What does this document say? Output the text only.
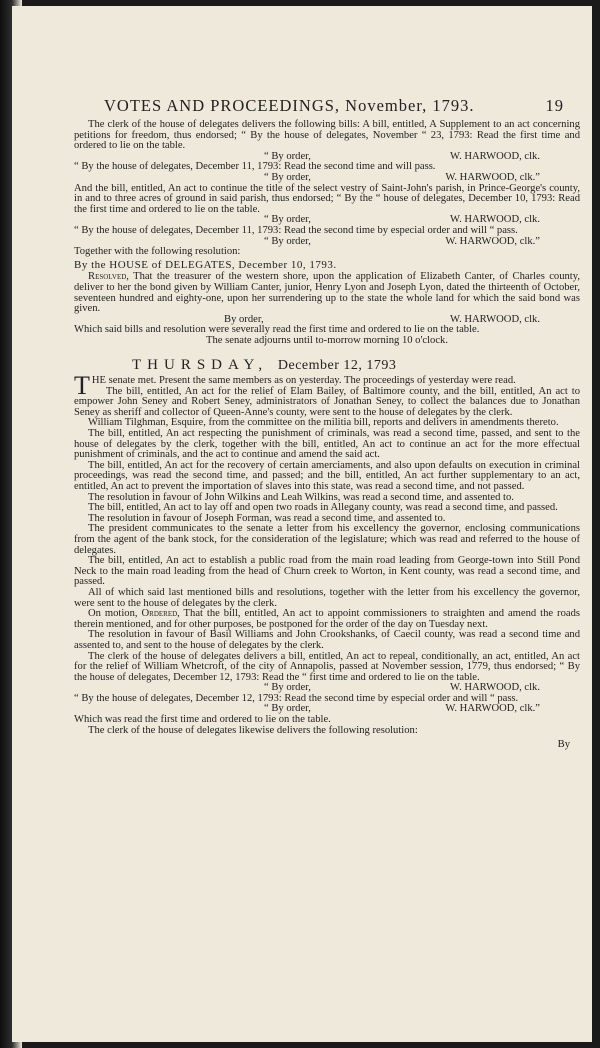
VOTES AND PROCEEDINGS, November, 1793.	19

The clerk of the house of delegates delivers the following bills: A bill, entitled, A Supplement to an act concerning petitions for freedom, thus endorsed; “ By the house of delegates, November “ 23, 1793: Read the first time and ordered to lie on the table.

“ By order,	W. HARWOOD, clk.

“ By the house of delegates, December 11, 1793: Read the second time and will pass.

“ By order,	W. HARWOOD, clk.”

And the bill, entitled, An act to continue the title of the select vestry of Saint-John's parish, in Prince-George's county, in and to three acres of ground in said parish, thus endorsed; “ By the “ house of delegates, December 10, 1793: Read the first time and ordered to lie on the table.

“ By order,	W. HARWOOD, clk.

“ By the house of delegates, December 11, 1793: Read the second time by especial order and will “ pass.

“ By order,	W. HARWOOD, clk.”

Together with the following resolution:

By the HOUSE of DELEGATES, December 10, 1793.

Resolved, That the treasurer of the western shore, upon the application of Elizabeth Canter, of Charles county, deliver to her the bond given by William Canter, junior, Henry Lyon and Joseph Lyon, dated the thirteenth of October, seventeen hundred and eighty-one, upon her surrendering up to the state the whole land for which the said bond was given.

By order,	W. HARWOOD, clk.

Which said bills and resolution were severally read the first time and ordered to lie on the table.

The senate adjourns until to-morrow morning 10 o'clock.

THURSDAY, December 12, 1793

THE senate met. Present the same members as on yesterday. The proceedings of yesterday were read.

The bill, entitled, An act for the relief of Elam Bailey, of Baltimore county, and the bill, entitled, An act to empower John Seney and Robert Seney, administrators of Jonathan Seney, to collect the balances due to Jonathan Seney as sheriff and collector of Queen-Anne's county, were sent to the house of delegates by the clerk.

William Tilghman, Esquire, from the committee on the militia bill, reports and delivers in amendments thereto.

The bill, entitled, An act respecting the punishment of criminals, was read a second time, passed, and sent to the house of delegates by the clerk, together with the bill, entitled, An act to continue an act for the more effectual punishment of criminals, and the act to continue and amend the said act.

The bill, entitled, An act for the recovery of certain amerciaments, and also upon defaults on execution in criminal proceedings, was read the second time, and passed; and the bill, entitled, An act further supplementary to an act, entitled, An act to prevent the importation of slaves into this state, was read a second time, and not passed.

The resolution in favour of John Wilkins and Leah Wilkins, was read a second time, and assented to.

The bill, entitled, An act to lay off and open two roads in Allegany county, was read a second time, and passed.

The resolution in favour of Joseph Forman, was read a second time, and assented to.

The president communicates to the senate a letter from his excellency the governor, enclosing communications from the agent of the bank stock, for the consideration of the legislature; which was read and referred to the house of delegates.

The bill, entitled, An act to establish a public road from the main road leading from George-town into Still Pond Neck to the main road leading from the head of Churn creek to Worton, in Kent county, was read a second time, and passed.

All of which said last mentioned bills and resolutions, together with the letter from his excellency the governor, were sent to the house of delegates by the clerk.

On motion, Ordered, That the bill, entitled, An act to appoint commissioners to straighten and amend the roads therein mentioned, and for other purposes, be postponed for the order of the day on Tuesday next.

The resolution in favour of Basil Williams and John Crookshanks, of Caecil county, was read a second time and assented to, and sent to the house of delegates by the clerk.

The clerk of the house of delegates delivers a bill, entitled, An act to repeal, conditionally, an act, entitled, An act for the relief of William Whetcroft, of the city of Annapolis, passed at November session, 1779, thus endorsed; “ By the house of delegates, December 12, 1793: Read the “ first time and ordered to lie on the table.

“ By order,	W. HARWOOD, clk.

“ By the house of delegates, December 12, 1793: Read the second time by especial order and will “ pass.

“ By order,	W. HARWOOD, clk.”

Which was read the first time and ordered to lie on the table.

The clerk of the house of delegates likewise delivers the following resolution:

By
